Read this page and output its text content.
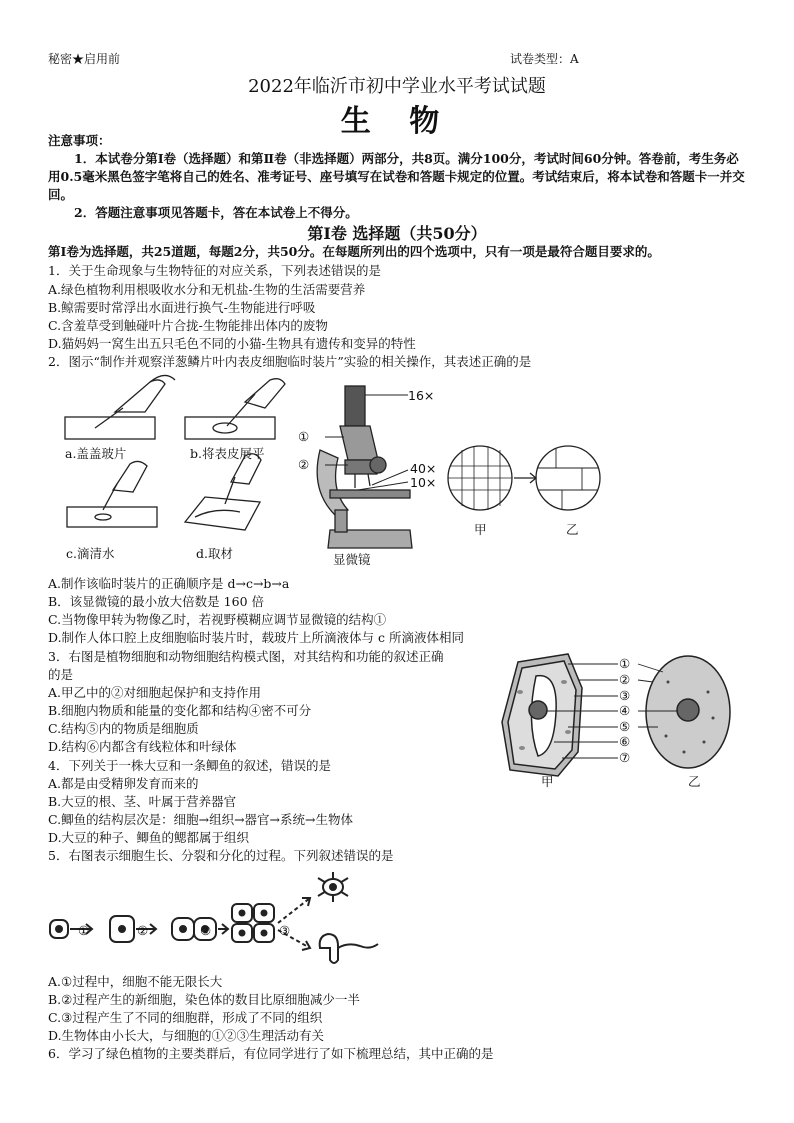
秘密★启用前	试卷类型：A
2022年临沂市初中学业水平考试试题
生 物

注意事项：

1．本试卷分第Ⅰ卷（选择题）和第Ⅱ卷（非选择题）两部分，共8页。满分100分，考试时间60分钟。答卷前，考生务必用0.5毫米黑色签字笔将自己的姓名、准考证号、座号填写在试卷和答题卡规定的位置。考试结束后，将本试卷和答题卡一并交回。

2．答题注意事项见答题卡，答在本试卷上不得分。

第Ⅰ卷 选择题（共50分）
第Ⅰ卷为选择题，共25道题，每题2分，共50分。在每题所列出的四个选项中，只有一项是最符合题目要求的。
1．关于生命现象与生物特征的对应关系，下列表述错误的是
A.绿色植物利用根吸收水分和无机盐-生物的生活需要营养
B.鲸需要时常浮出水面进行换气-生物能进行呼吸
C.含羞草受到触碰叶片合拢-生物能排出体内的废物
D.猫妈妈一窝生出五只毛色不同的小猫-生物具有遗传和变异的特性
2．图示“制作并观察洋葱鳞片叶内表皮细胞临时装片”实验的相关操作，其表述正确的是
a.盖盖玻片	b.将表皮展平
c.滴清水	d.取材
16×
①
②	40×
10×
显微镜
甲	乙
A.制作该临时装片的正确顺序是 d→c→b→a
B．该显微镜的最小放大倍数是 160 倍
C.当物像甲转为物像乙时，若视野模糊应调节显微镜的结构①
D.制作人体口腔上皮细胞临时装片时，载玻片上所滴液体与 c 所滴液体相同
3．右图是植物细胞和动物细胞结构模式图，对其结构和功能的叙述正确
的是
A.甲乙中的②对细胞起保护和支持作用
B.细胞内物质和能量的变化都和结构④密不可分
C.结构⑤内的物质是细胞质
D.结构⑥内都含有线粒体和叶绿体
①
②
③
④
⑤
⑥
⑦
甲	乙
4．下列关于一株大豆和一条鲫鱼的叙述，错误的是
A.都是由受精卵发育而来的
B.大豆的根、茎、叶属于营养器官
C.鲫鱼的结构层次是：细胞→组织→器官→系统→生物体
D.大豆的种子、鲫鱼的鳃都属于组织
5．右图表示细胞生长、分裂和分化的过程。下列叙述错误的是
①	②	②	③
A.①过程中，细胞不能无限长大
B.②过程产生的新细胞，染色体的数目比原细胞减少一半
C.③过程产生了不同的细胞群，形成了不同的组织
D.生物体由小长大，与细胞的①②③生理活动有关
6．学习了绿色植物的主要类群后，有位同学进行了如下梳理总结，其中正确的是
